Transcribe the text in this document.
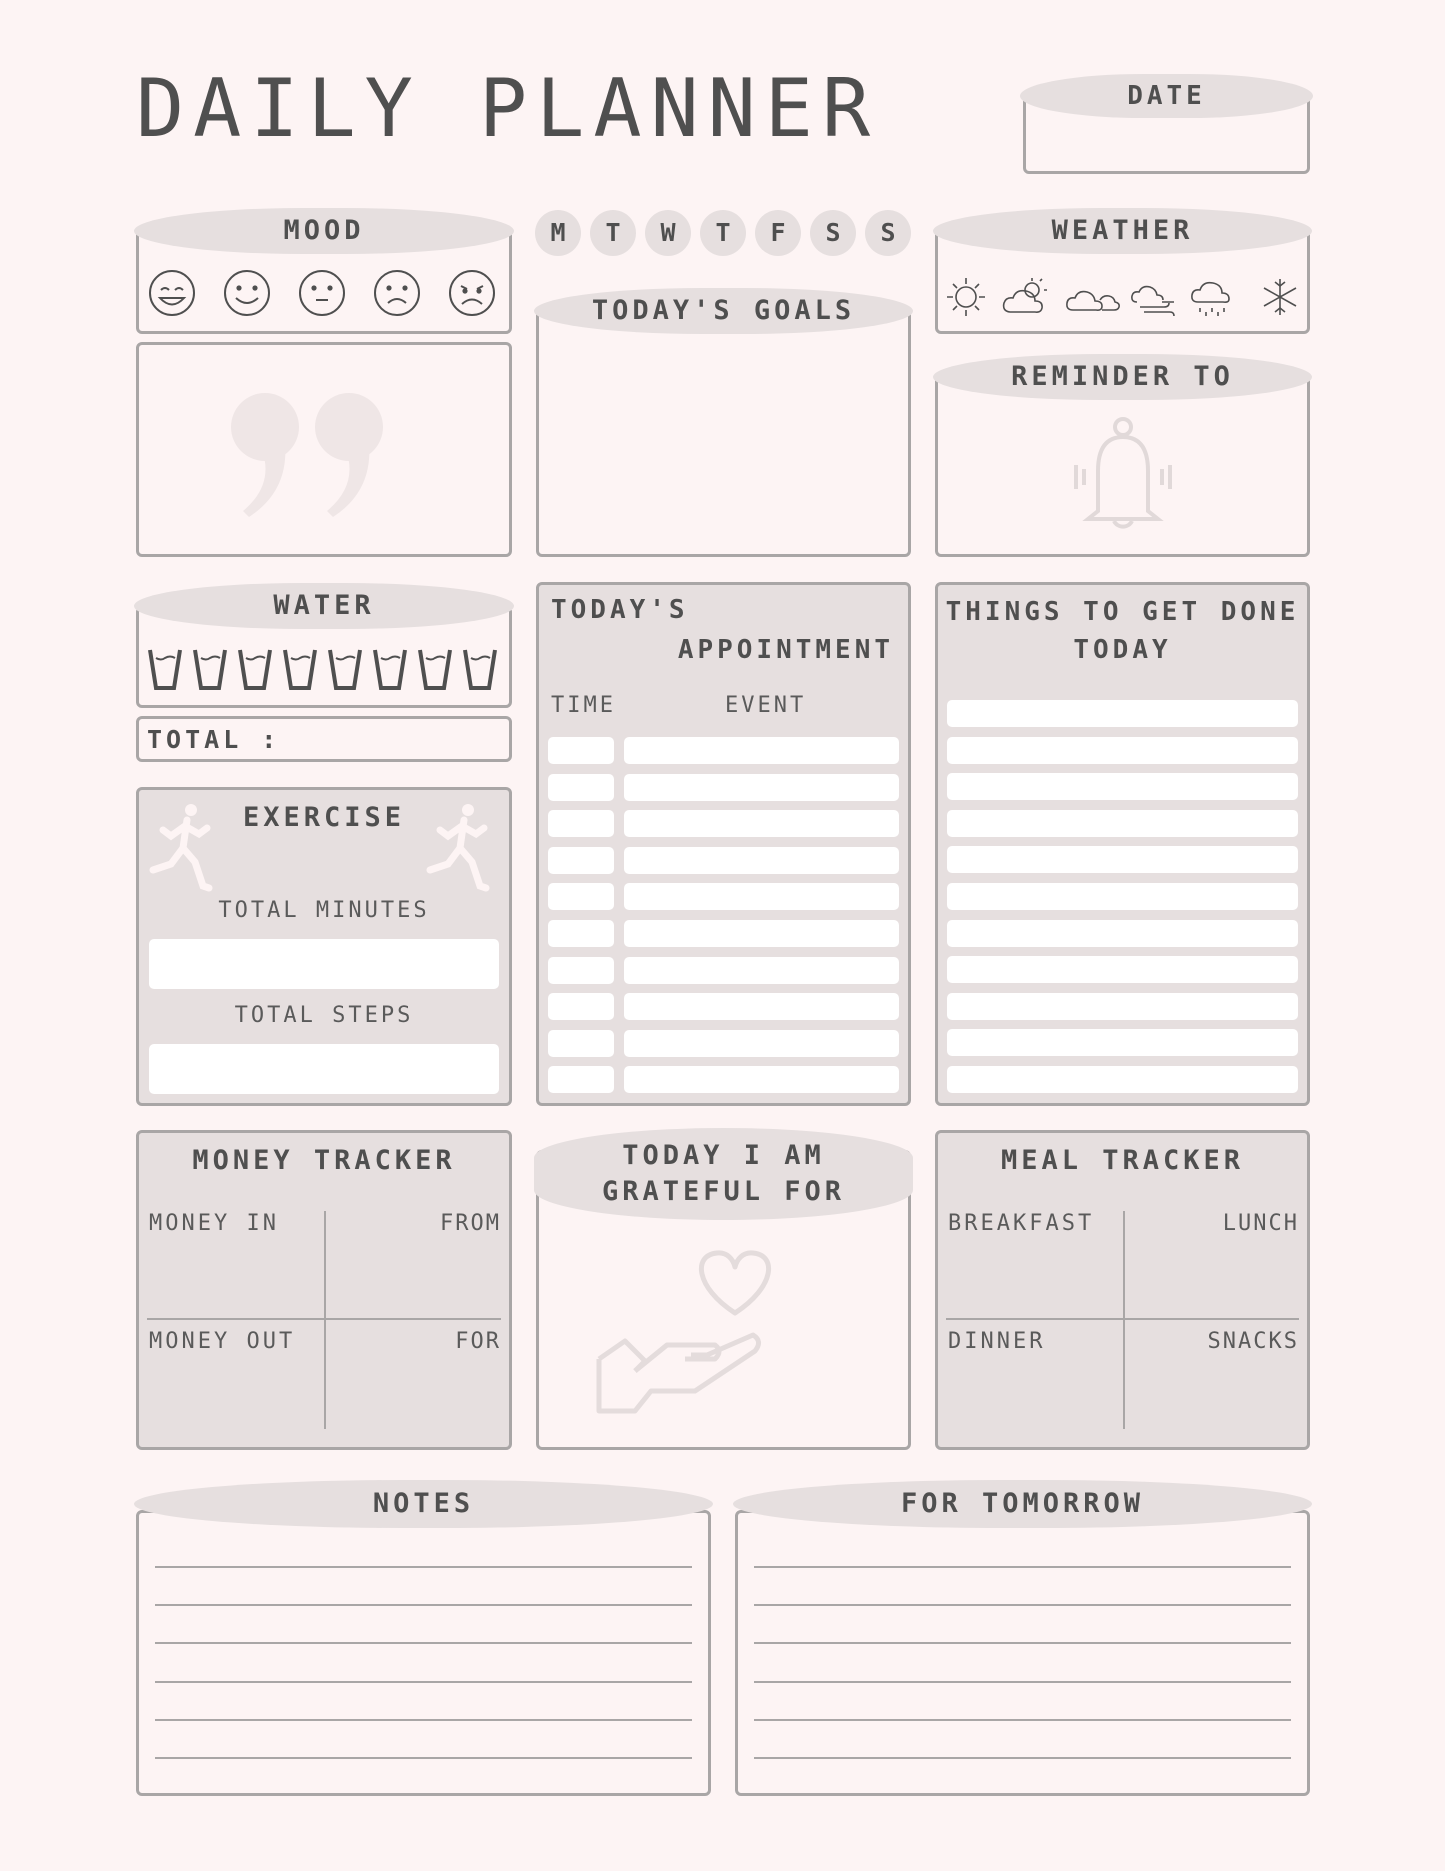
DAILY PLANNER	DATE
MOOD	M	T	W	T	F	S	S
TODAY'S GOALS
WEATHER
REMINDER TO
WATER
TOTAL :
EXERCISE
TOTAL MINUTES
TOTAL STEPS
TODAY'S
APPOINTMENT
TIME	EVENT
THINGS TO GET DONE
TODAY
MONEY TRACKER
MONEY IN	FROM
MONEY OUT	FOR
TODAY I AM
GRATEFUL FOR
MEAL TRACKER
BREAKFAST	LUNCH
DINNER	SNACKS
NOTES	FOR TOMORROW
